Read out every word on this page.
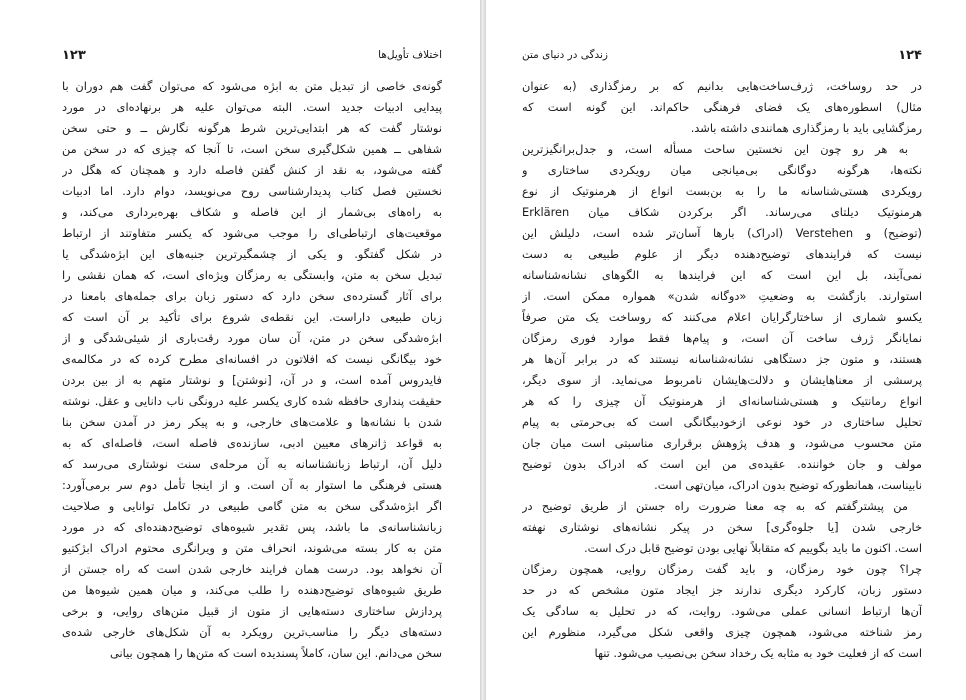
اختلاف تأویل‌ها
۱۲۳
گونه‌ی خاصی از تبدیل متن به ابژه می‌شود که می‌توان گفت هم دوران با
پیدایی ادبیات جدید است. البته می‌توان علیه هر برنهاده‌ای در مورد
نوشتار گفت که هر ابتدایی‌ترین شرط هرگونه نگارش ــ و حتی سخن
شفاهی ــ همین شکل‌گیری سخن است، تا آنجا که چیزی که در سخن من
گفته می‌شود، به نقد از کنش گفتن فاصله دارد و همچنان که هگل در
نخستین فصل کتاب پدیدارشناسی روح می‌نویسد، دوام دارد. اما ادبیات
به راه‌های بی‌شمار از این فاصله و شکاف بهره‌برداری می‌کند، و
موقعیت‌های ارتباطی‌ای را موجب می‌شود که یکسر متفاوتند از ارتباط
در شکل گفتگو. و یکی از چشمگیرترین جنبه‌های این ابژه‌شدگی یا
تبدیل سخن به متن، وابستگی به رمزگان ویژه‌ای است، که همان نقشی را
برای آثار گسترده‌ی سخن دارد که دستور زبان برای جمله‌های بامعنا در
زبان طبیعی داراست. این نقطه‌ی شروع برای تأکید بر آن است که
ابژه‌شدگی سخن در متن، آن سان مورد رقت‌باری از شیئی‌شدگی و از
خود بیگانگی نیست که افلاتون در افسانه‌ای مطرح کرده که در مکالمه‌ی
فایدروس آمده است، و در آن، [نوشتن] و نوشتار متهم به از بین بردن
حقیقت پنداری حافظه شده کاری یکسر علیه درونگی ناب دانایی و عقل. نوشته
شدن با نشانه‌ها و علامت‌های خارجی، و به پیکر رمز در آمدن سخن بنا
به قواعد ژانرهای معیین ادبی، سازنده‌ی فاصله است، فاصله‌ای که به
دلیل آن، ارتباط زبانشناسانه به آن مرحله‌ی سنت نوشتاری می‌رسد که
هستی فرهنگی ما استوار به آن است. و از اینجا تأمل دوم سر برمی‌آورد:
اگر ابژه‌شدگی سخن به متن گامی طبیعی در تکامل توانایی و صلاحیت
زبانشناسانه‌ی ما باشد، پس تقدیر شیوه‌های توضیح‌دهنده‌ای که در مورد
متن به کار بسته می‌شوند، انحراف متن و ویرانگری محتوم ادراک ابژکتیو
آن نخواهد بود. درست همان فرایند خارجی شدن است که راه جستن از
طریق شیوه‌های توضیح‌دهنده را طلب می‌کند، و میان همین شیوه‌ها من
پردازش ساختاری دسته‌هایی از متون از قبیل متن‌های روایی، و برخی
دسته‌های دیگر را مناسب‌ترین رویکرد به آن شکل‌های خارجی شده‌ی
سخن می‌دانم. این سان، کاملاً پسندیده است که متن‌ها را همچون بیانی
۱۲۴
زندگی در دنیای متن
در حد روساخت، ژرف‌ساخت‌هایی بدانیم که بر رمزگذاری (به عنوان
مثال) اسطوره‌های یک فضای فرهنگی حاکم‌اند. این گونه است که
رمزگشایی باید با رمزگذاری همانندی داشته باشد.
به هر رو چون این نخستین ساحت مسأله است، و جدل‌برانگیزترین
نکته‌ها، هرگونه دوگانگی بی‌میانجی میان رویکردی ساختاری و
رویکردی هستی‌شناسانه ما را به بن‌بست انواع از هرمنوتیک از نوع
هرمنوتیک دیلتای می‌رساند. اگر برکردن شکاف میان Erklären
(توضیح) و Verstehen (ادراک) بارها آسان‌تر شده است، دلیلش این
نیست که فرایندهای توضیح‌دهنده دیگر از علوم طبیعی به دست
نمی‌آیند، بل این است که این فرایندها به الگوهای نشانه‌شناسانه
استوارند. بازگشت به وضعیتِ «دوگانه شدن» همواره ممکن است. از
یکسو شماری از ساختارگرایان اعلام می‌کنند که روساخت یک متن صرفاً
نمایانگر ژرف ساخت آن است، و پیام‌ها فقط موارد فوری رمزگان
هستند، و متون جز دستگاهی نشانه‌شناسانه نیستند که در برابر آن‌ها هر
پرسشی از معناهایشان و دلالت‌هایشان نامربوط می‌نماید. از سوی دیگر،
انواع رمانتیک و هستی‌شناسانه‌ای از هرمنوتیک آن چیزی را که هر
تحلیل ساختاری در خود نوعی ازخودبیگانگی است که بی‌حرمتی به پیام
متن محسوب می‌شود، و هدف پژوهش برقراری مناسبتی است میان جان
مولف و جان خواننده. عقیده‌ی من این است که ادراک بدون توضیح
نابیناست، همانطورکه توضیح بدون ادراک، میان‌تهی است.
من پیشترگفتم که به چه معنا ضرورت راه جستن از طریق توضیح در
خارجی شدن [یا جلوه‌گری] سخن در پیکر نشانه‌های نوشتاری نهفته
است. اکنون ما باید بگوییم که متقابلاً نهایی بودن توضیح قابل درک است.
چرا؟ چون خود رمزگان، و باید گفت رمزگان روایی، همچون رمزگان
دستور زبان، کارکرد دیگری ندارند جز ایجاد متون مشخص که در حد
آن‌ها ارتباط انسانی عملی می‌شود. روایت، که در تحلیل به سادگی یک
رمز شناخته می‌شود، همچون چیزی واقعی شکل می‌گیرد، منظورم این
است که از فعلیت خود به مثابه یک رخداد سخن بی‌نصیب می‌شود. تنها
